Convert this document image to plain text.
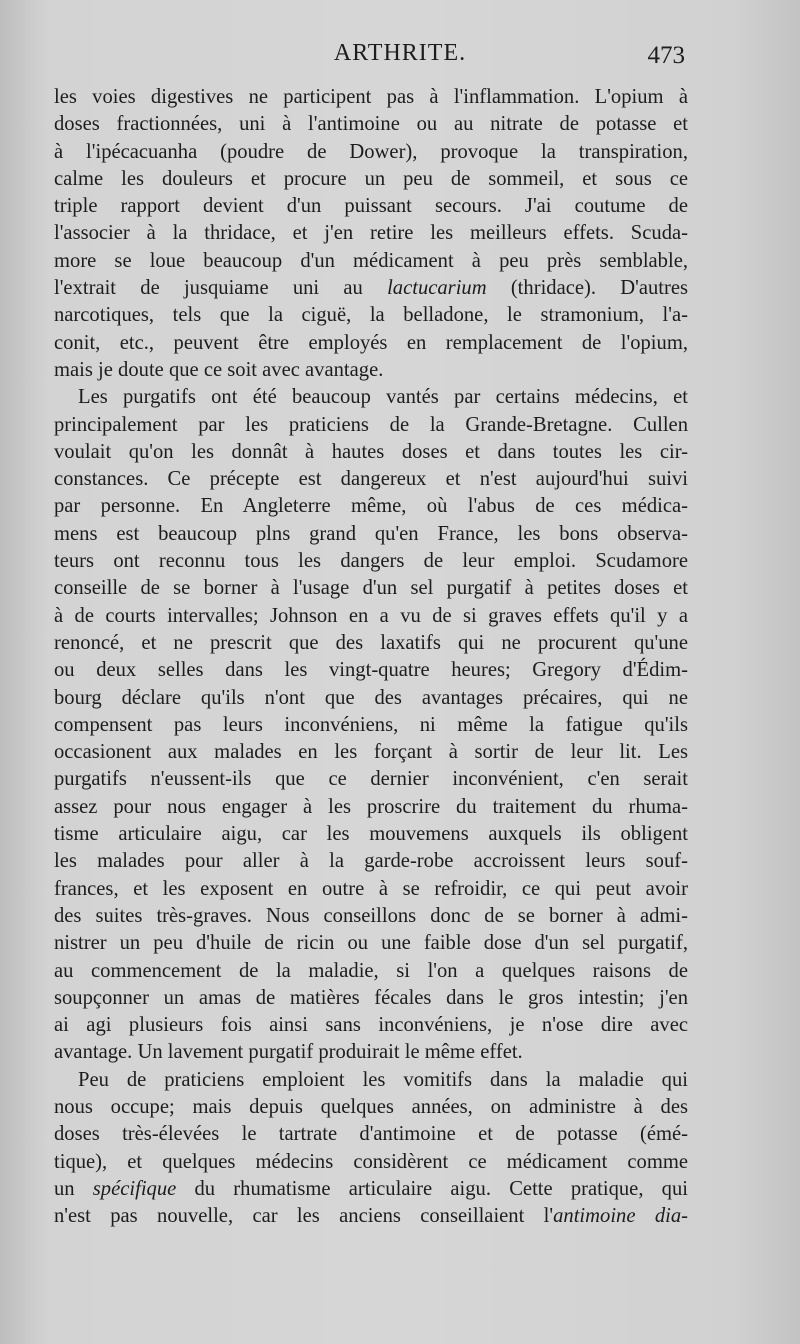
ARTHRITE.	473
les voies digestives ne participent pas à l'inflammation. L'opium à
doses fractionnées, uni à l'antimoine ou au nitrate de potasse et
à l'ipécacuanha (poudre de Dower), provoque la transpiration,
calme les douleurs et procure un peu de sommeil, et sous ce
triple rapport devient d'un puissant secours. J'ai coutume de
l'associer à la thridace, et j'en retire les meilleurs effets. Scuda-
more se loue beaucoup d'un médicament à peu près semblable,
l'extrait de jusquiame uni au lactucarium (thridace). D'autres
narcotiques, tels que la ciguë, la belladone, le stramonium, l'a-
conit, etc., peuvent être employés en remplacement de l'opium,
mais je doute que ce soit avec avantage.
Les purgatifs ont été beaucoup vantés par certains médecins, et
principalement par les praticiens de la Grande-Bretagne. Cullen
voulait qu'on les donnât à hautes doses et dans toutes les cir-
constances. Ce précepte est dangereux et n'est aujourd'hui suivi
par personne. En Angleterre même, où l'abus de ces médica-
mens est beaucoup plns grand qu'en France, les bons observa-
teurs ont reconnu tous les dangers de leur emploi. Scudamore
conseille de se borner à l'usage d'un sel purgatif à petites doses et
à de courts intervalles; Johnson en a vu de si graves effets qu'il y a
renoncé, et ne prescrit que des laxatifs qui ne procurent qu'une
ou deux selles dans les vingt-quatre heures; Gregory d'Édim-
bourg déclare qu'ils n'ont que des avantages précaires, qui ne
compensent pas leurs inconvéniens, ni même la fatigue qu'ils
occasionent aux malades en les forçant à sortir de leur lit. Les
purgatifs n'eussent-ils que ce dernier inconvénient, c'en serait
assez pour nous engager à les proscrire du traitement du rhuma-
tisme articulaire aigu, car les mouvemens auxquels ils obligent
les malades pour aller à la garde-robe accroissent leurs souf-
frances, et les exposent en outre à se refroidir, ce qui peut avoir
des suites très-graves. Nous conseillons donc de se borner à admi-
nistrer un peu d'huile de ricin ou une faible dose d'un sel purgatif,
au commencement de la maladie, si l'on a quelques raisons de
soupçonner un amas de matières fécales dans le gros intestin; j'en
ai agi plusieurs fois ainsi sans inconvéniens, je n'ose dire avec
avantage. Un lavement purgatif produirait le même effet.
Peu de praticiens emploient les vomitifs dans la maladie qui
nous occupe; mais depuis quelques années, on administre à des
doses très-élevées le tartrate d'antimoine et de potasse (émé-
tique), et quelques médecins considèrent ce médicament comme
un spécifique du rhumatisme articulaire aigu. Cette pratique, qui
n'est pas nouvelle, car les anciens conseillaient l'antimoine dia-
